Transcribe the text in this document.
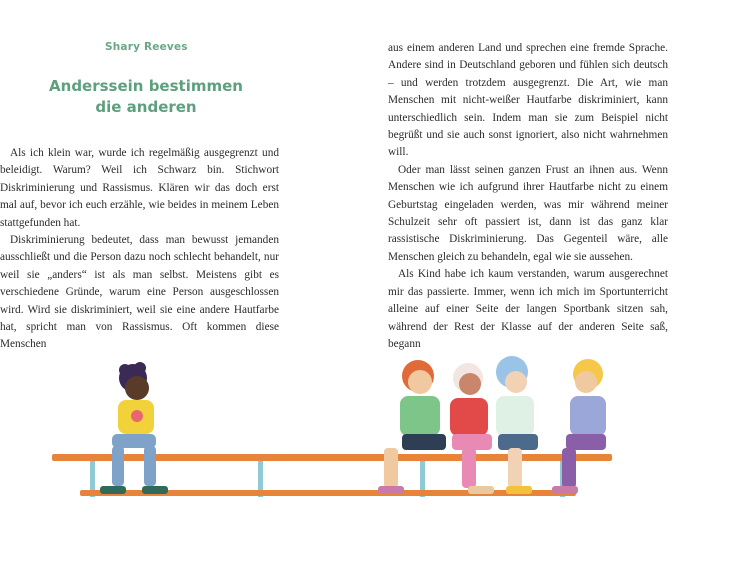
Shary Reeves
Anderssein bestimmen
die anderen

Als ich klein war, wurde ich regelmäßig ausgegrenzt und beleidigt. Warum? Weil ich Schwarz bin. Stichwort Diskriminierung und Rassismus. Klären wir das doch erst mal auf, bevor ich euch erzähle, wie beides in meinem Leben stattgefunden hat.

Diskriminierung bedeutet, dass man bewusst jemanden ausschließt und die Person dazu noch schlecht behandelt, nur weil sie „anders“ ist als man selbst. Meistens gibt es verschiedene Gründe, warum eine Person ausgeschlossen wird. Wird sie diskriminiert, weil sie eine andere Hautfarbe hat, spricht man von Rassismus. Oft kommen diese Menschen

aus einem anderen Land und sprechen eine fremde Sprache. Andere sind in Deutschland geboren und fühlen sich deutsch – und werden trotzdem ausgegrenzt. Die Art, wie man Menschen mit nicht-weißer Hautfarbe diskriminiert, kann unterschiedlich sein. Indem man sie zum Beispiel nicht begrüßt und sie auch sonst ignoriert, also nicht wahrnehmen will.

Oder man lässt seinen ganzen Frust an ihnen aus. Wenn Menschen wie ich aufgrund ihrer Hautfarbe nicht zu einem Geburtstag eingeladen werden, was mir während meiner Schulzeit sehr oft passiert ist, dann ist das ganz klar rassistische Diskriminierung. Das Gegenteil wäre, alle Menschen gleich zu behandeln, egal wie sie aussehen.

Als Kind habe ich kaum verstanden, warum ausgerechnet mir das passierte. Immer, wenn ich mich im Sportunterricht alleine auf einer Seite der langen Sportbank sitzen sah, während der Rest der Klasse auf der anderen Seite saß, begann
